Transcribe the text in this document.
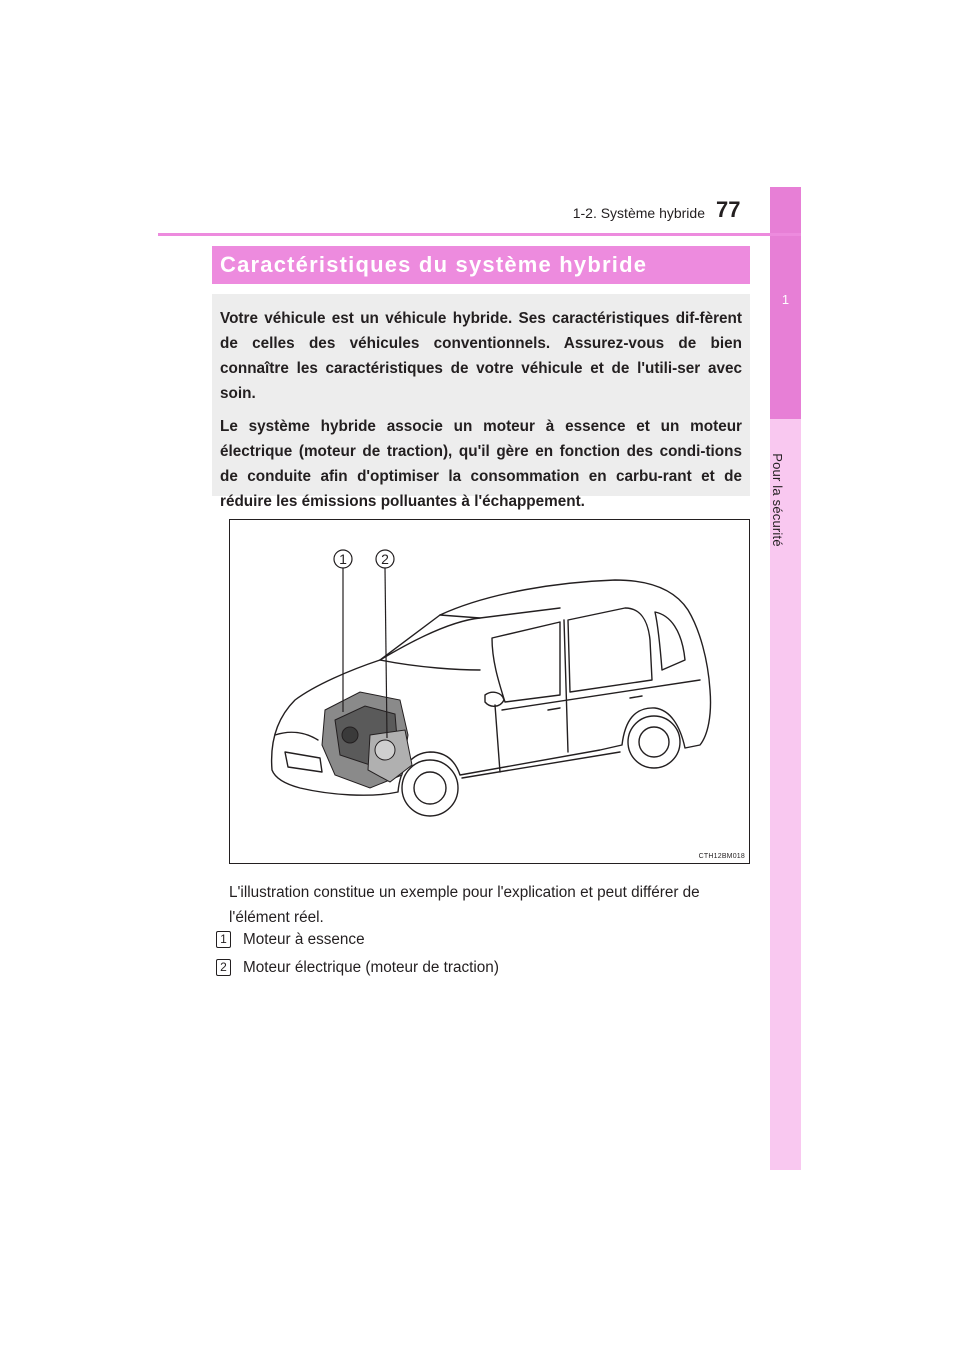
1
Pour la sécurité
1-2. Système hybride 77
Caractéristiques du système hybride

Votre véhicule est un véhicule hybride. Ses caractéristiques dif-fèrent de celles des véhicules conventionnels. Assurez-vous de bien connaître les caractéristiques de votre véhicule et de l'utili-ser avec soin.

Le système hybride associe un moteur à essence et un moteur électrique (moteur de traction), qu'il gère en fonction des condi-tions de conduite afin d'optimiser la consommation en carbu-rant et de réduire les émissions polluantes à l'échappement.

1 2
CTH12BM018
L'illustration constitue un exemple pour l'explication et peut différer de l'élément réel.
1 Moteur à essence
2 Moteur électrique (moteur de traction)
